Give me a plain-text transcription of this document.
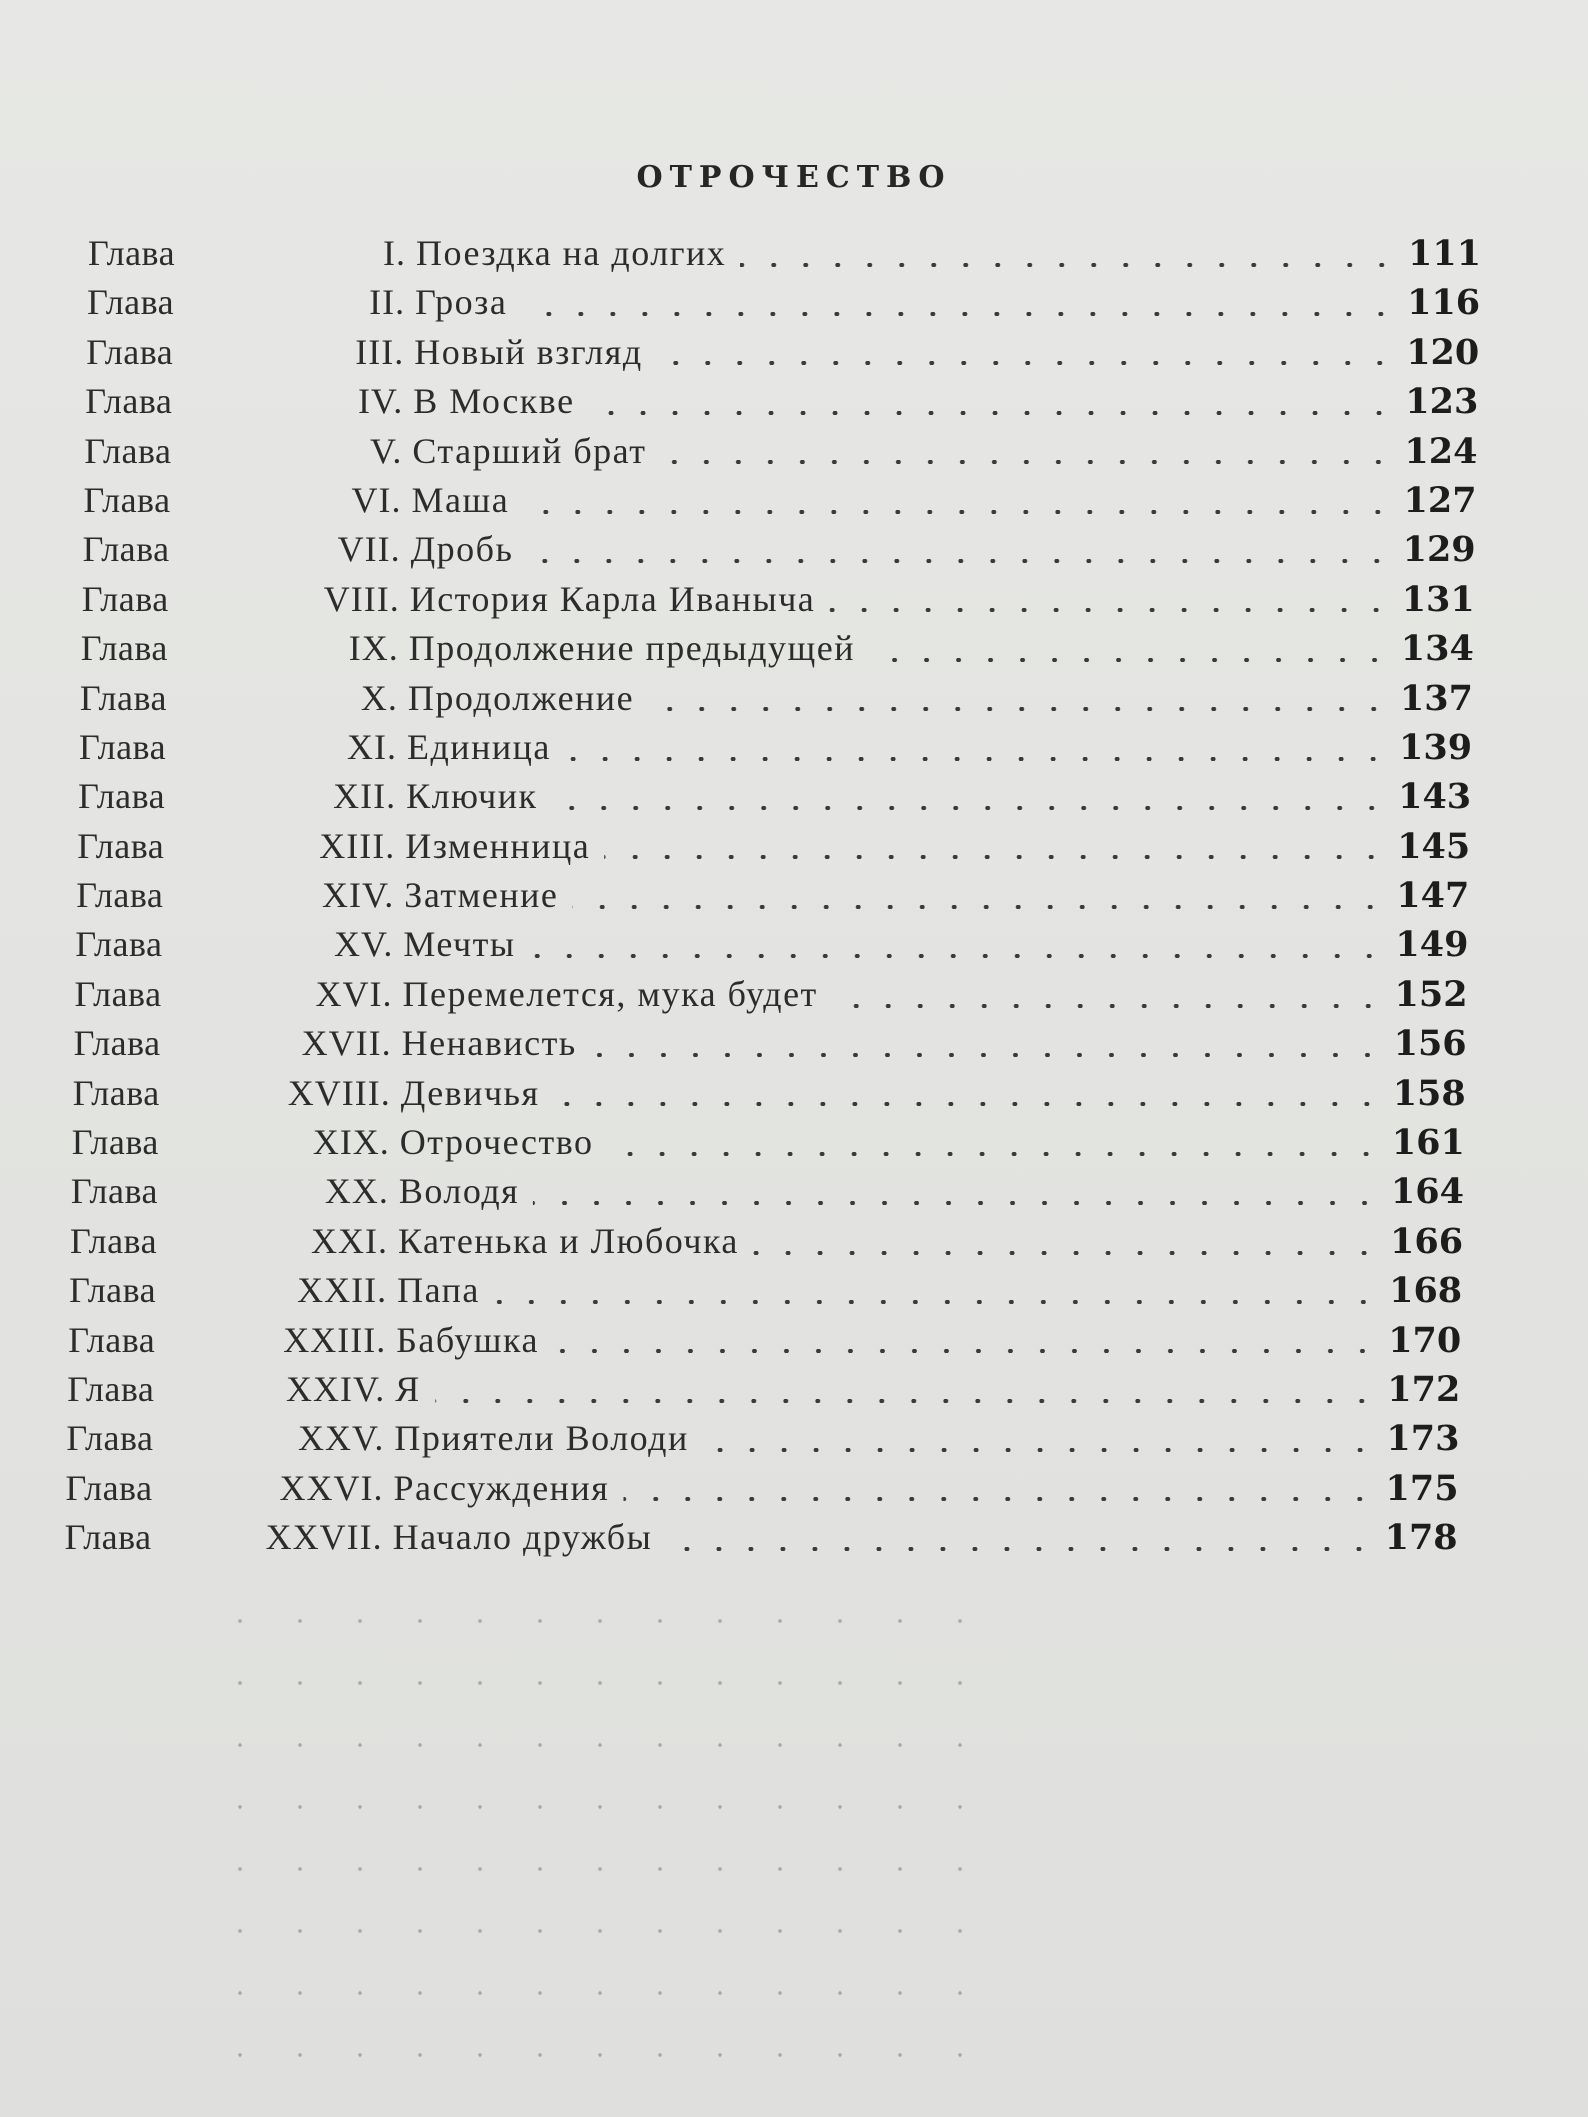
ОТРОЧЕСТВО
Глава	I. Поездка на долгих	111
Глава	II. Гроза	116
Глава	III. Новый взгляд	120
Глава	IV. В Москве	123
Глава	V. Старший брат	124
Глава	VI. Маша	127
Глава	VII. Дробь	129
Глава	VIII. История Карла Иваныча	131
Глава	IX. Продолжение предыдущей	134
Глава	X. Продолжение	137
Глава	XI. Единица	139
Глава	XII. Ключик	143
Глава	XIII. Изменница	145
Глава	XIV. Затмение	147
Глава	XV. Мечты	149
Глава	XVI. Перемелется, мука будет	152
Глава	XVII. Ненависть	156
Глава	XVIII. Девичья	158
Глава	XIX. Отрочество	161
Глава	XX. Володя	164
Глава	XXI. Катенька и Любочка	166
Глава	XXII. Папа	168
Глава	XXIII. Бабушка	170
Глава	XXIV. Я	172
Глава	XXV. Приятели Володи	173
Глава	XXVI. Рассуждения	175
Глава	XXVII. Начало дружбы	178
